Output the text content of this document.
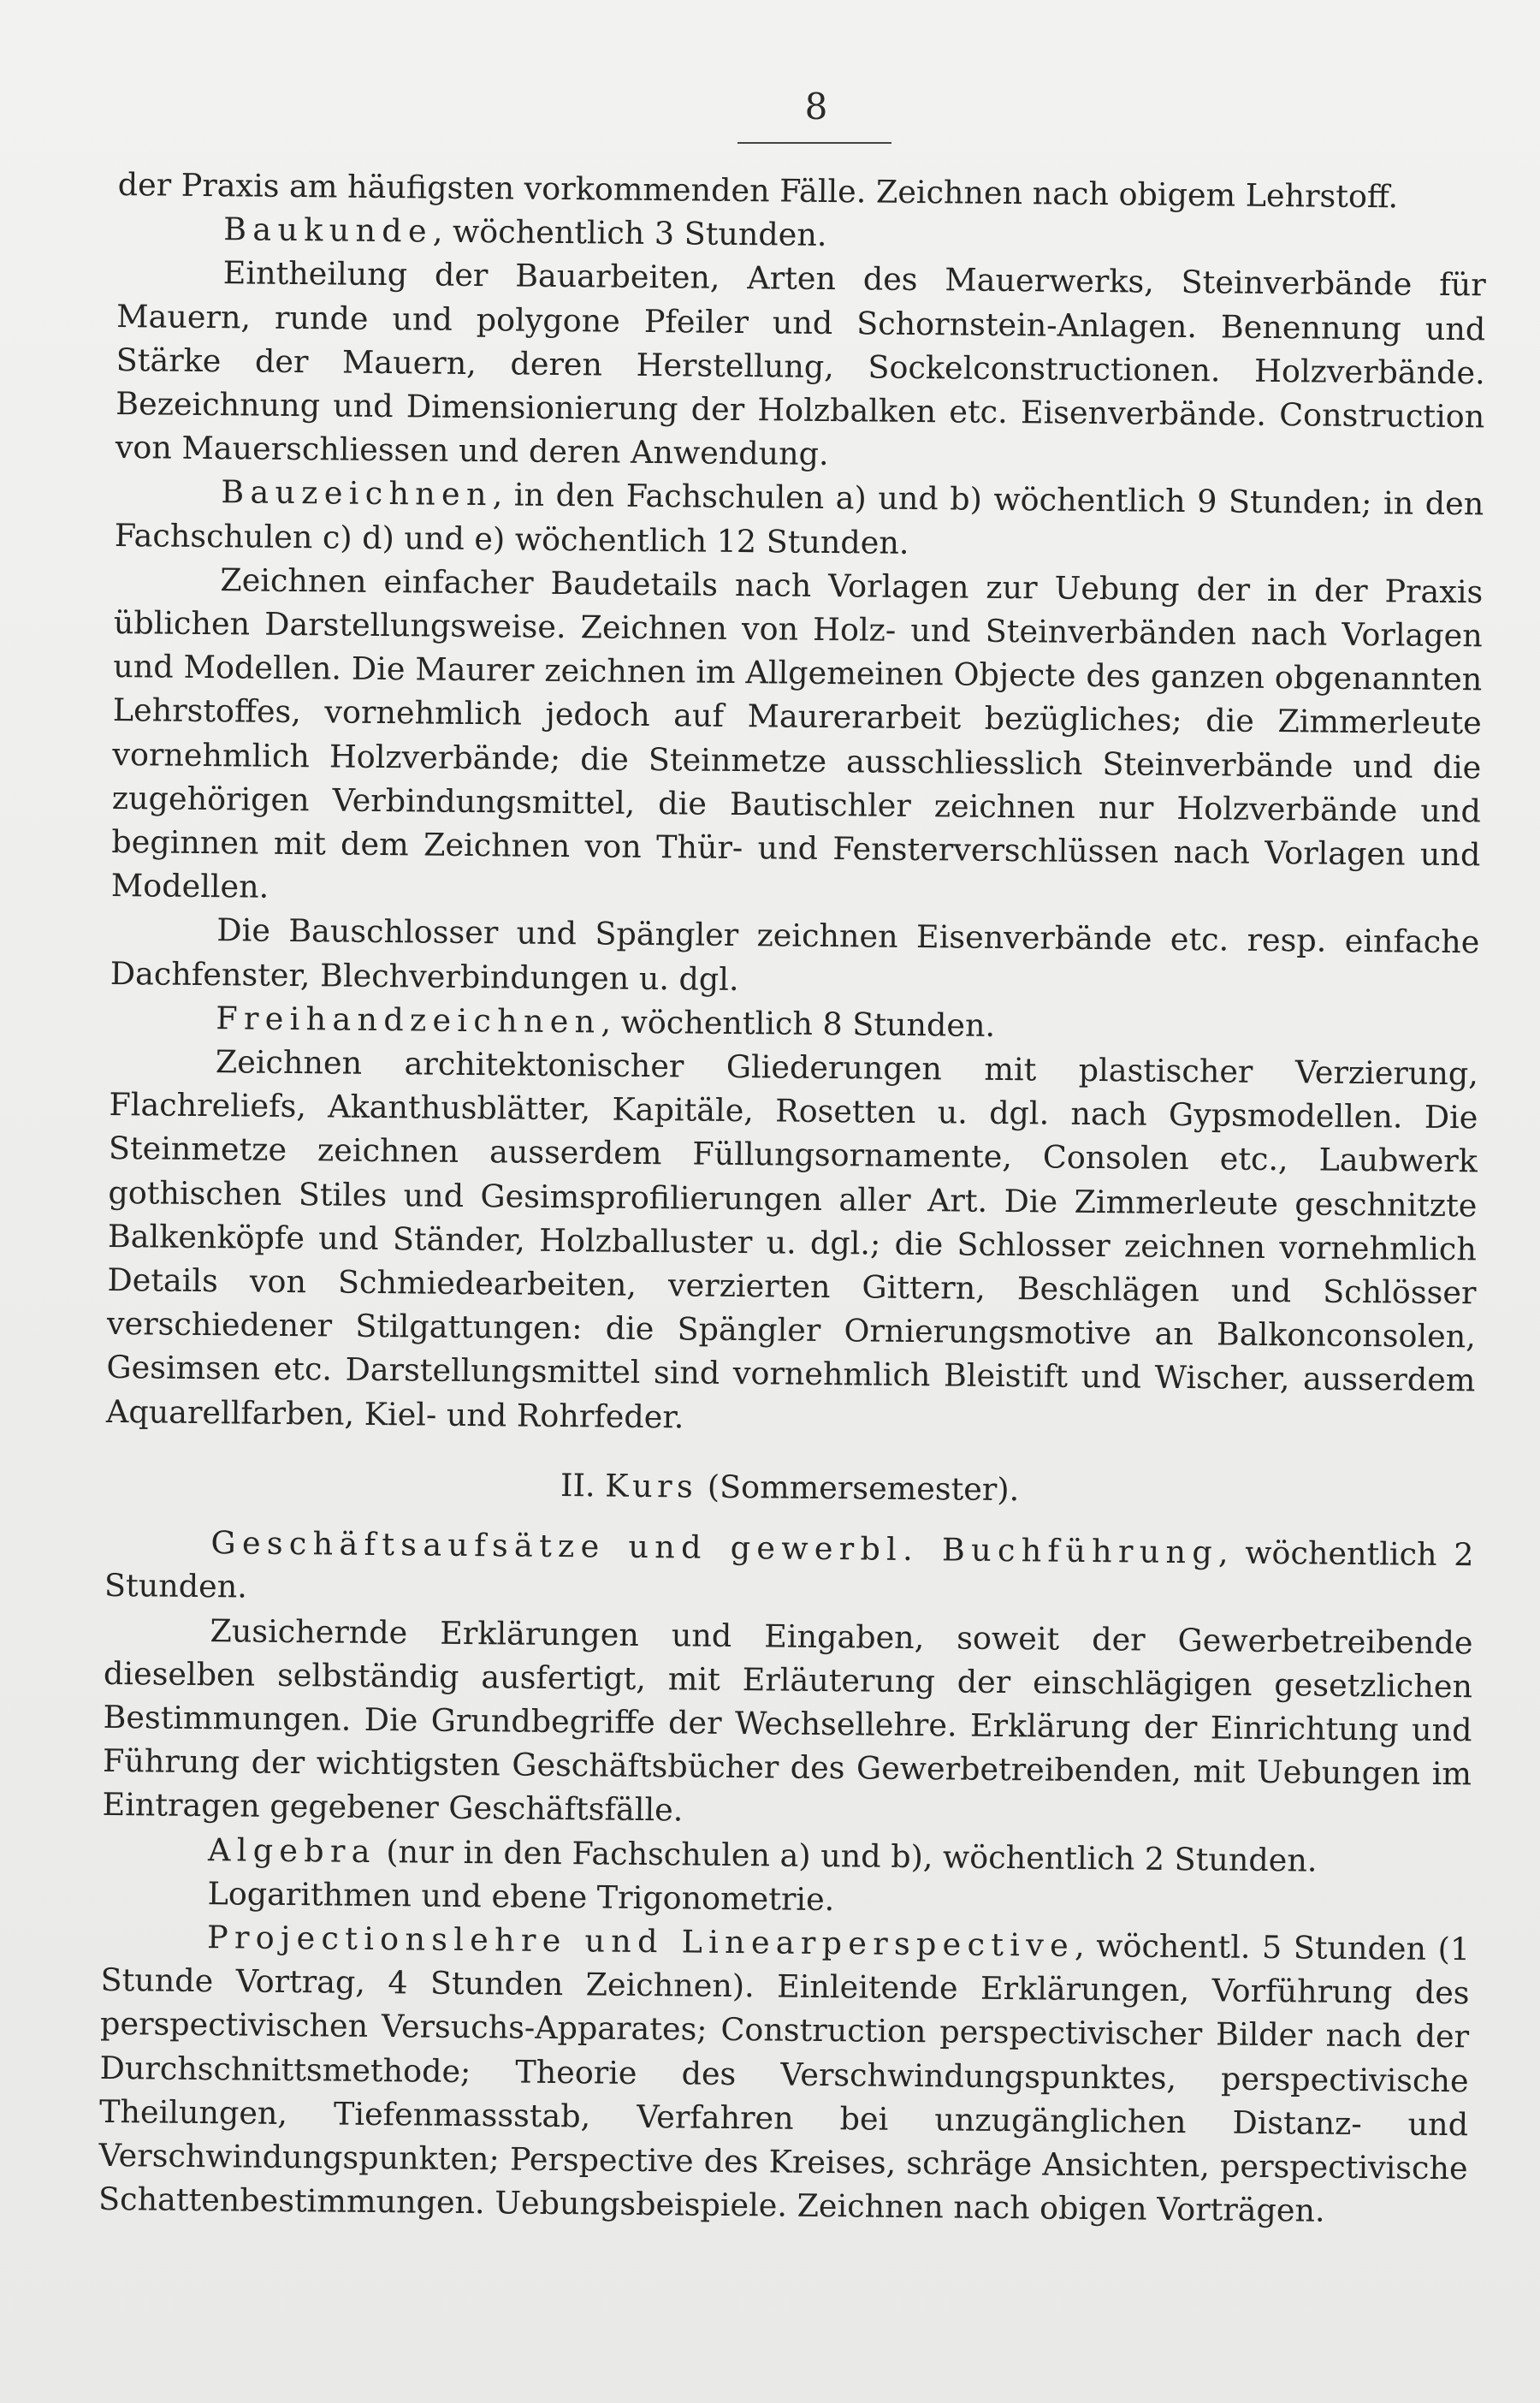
8

der Praxis am häufigsten vorkommenden Fälle. Zeichnen nach obigem Lehrstoff.

Baukunde, wöchentlich 3 Stunden.

Eintheilung der Bauarbeiten, Arten des Mauerwerks, Steinverbände für Mauern, runde und polygone Pfeiler und Schornstein-Anlagen. Benennung und Stärke der Mauern, deren Herstellung, Sockelconstructionen. Holzverbände. Bezeichnung und Dimensionierung der Holzbalken etc. Eisenverbände. Construction von Mauerschliessen und deren Anwendung.

Bauzeichnen, in den Fachschulen a) und b) wöchentlich 9 Stunden; in den Fachschulen c) d) und e) wöchentlich 12 Stunden.

Zeichnen einfacher Baudetails nach Vorlagen zur Uebung der in der Praxis üblichen Darstellungsweise. Zeichnen von Holz- und Steinverbänden nach Vorlagen und Modellen. Die Maurer zeichnen im Allgemeinen Objecte des ganzen obgenannten Lehrstoffes, vornehmlich jedoch auf Maurerarbeit bezügliches; die Zimmerleute vornehmlich Holzverbände; die Steinmetze ausschliesslich Steinverbände und die zugehörigen Verbindungsmittel, die Bautischler zeichnen nur Holzverbände und beginnen mit dem Zeichnen von Thür- und Fensterverschlüssen nach Vorlagen und Modellen.

Die Bauschlosser und Spängler zeichnen Eisenverbände etc. resp. einfache Dachfenster, Blechverbindungen u. dgl.

Freihandzeichnen, wöchentlich 8 Stunden.

Zeichnen architektonischer Gliederungen mit plastischer Verzierung, Flachreliefs, Akanthusblätter, Kapitäle, Rosetten u. dgl. nach Gypsmodellen. Die Steinmetze zeichnen ausserdem Füllungsornamente, Consolen etc., Laubwerk gothischen Stiles und Gesimsprofilierungen aller Art. Die Zimmerleute geschnitzte Balkenköpfe und Ständer, Holzballuster u. dgl.; die Schlosser zeichnen vornehmlich Details von Schmiedearbeiten, verzierten Gittern, Beschlägen und Schlösser verschiedener Stilgattungen: die Spängler Ornierungsmotive an Balkonconsolen, Gesimsen etc. Darstellungsmittel sind vornehmlich Bleistift und Wischer, ausserdem Aquarellfarben, Kiel- und Rohrfeder.

II. Kurs (Sommersemester).

Geschäftsaufsätze und gewerbl. Buchführung, wöchentlich 2 Stunden.

Zusichernde Erklärungen und Eingaben, soweit der Gewerbetreibende dieselben selbständig ausfertigt, mit Erläuterung der einschlägigen gesetzlichen Bestimmungen. Die Grundbegriffe der Wechsellehre. Erklärung der Einrichtung und Führung der wichtigsten Geschäftsbücher des Gewerbetreibenden, mit Uebungen im Eintragen gegebener Geschäftsfälle.

Algebra (nur in den Fachschulen a) und b), wöchentlich 2 Stunden.

Logarithmen und ebene Trigonometrie.

Projectionslehre und Linearperspective, wöchentl. 5 Stunden (1 Stunde Vortrag, 4 Stunden Zeichnen). Einleitende Erklärungen, Vorführung des perspectivischen Versuchs-Apparates; Construction perspectivischer Bilder nach der Durchschnittsmethode; Theorie des Verschwindungspunktes, perspectivische Theilungen, Tiefenmassstab, Verfahren bei unzugänglichen Distanz- und Verschwindungspunkten; Perspective des Kreises, schräge Ansichten, perspectivische Schattenbestimmungen. Uebungsbeispiele. Zeichnen nach obigen Vorträgen.
